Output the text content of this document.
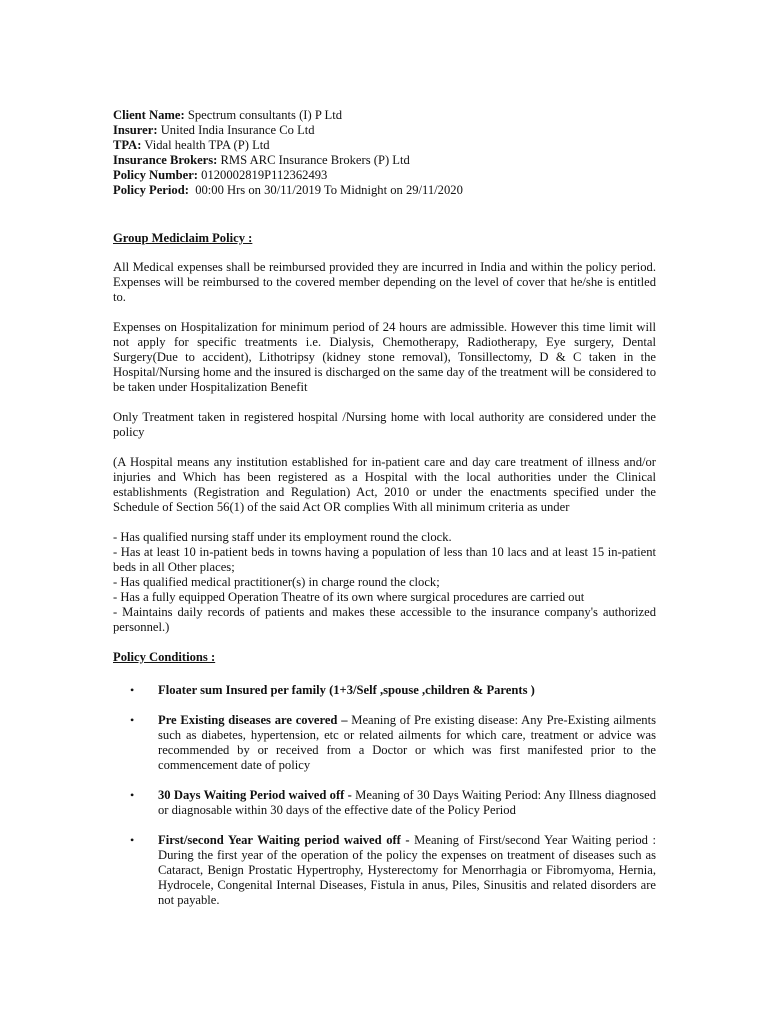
Client Name: Spectrum consultants (I) P Ltd
Insurer: United India Insurance Co Ltd
TPA: Vidal health TPA (P) Ltd
Insurance Brokers: RMS ARC Insurance Brokers (P) Ltd
Policy Number: 0120002819P112362493
Policy Period: 00:00 Hrs on 30/11/2019 To Midnight on 29/11/2020
Group Mediclaim Policy :

All Medical expenses shall be reimbursed provided they are incurred in India and within the policy period. Expenses will be reimbursed to the covered member depending on the level of cover that he/she is entitled to.

Expenses on Hospitalization for minimum period of 24 hours are admissible. However this time limit will not apply for specific treatments i.e. Dialysis, Chemotherapy, Radiotherapy, Eye surgery, Dental Surgery(Due to accident), Lithotripsy (kidney stone removal), Tonsillectomy, D & C taken in the Hospital/Nursing home and the insured is discharged on the same day of the treatment will be considered to be taken under Hospitalization Benefit

Only Treatment taken in registered hospital /Nursing home with local authority are considered under the policy

(A Hospital means any institution established for in-patient care and day care treatment of illness and/or injuries and Which has been registered as a Hospital with the local authorities under the Clinical establishments (Registration and Regulation) Act, 2010 or under the enactments specified under the Schedule of Section 56(1) of the said Act OR complies With all minimum criteria as under

- Has qualified nursing staff under its employment round the clock.
- Has at least 10 in-patient beds in towns having a population of less than 10 lacs and at least 15 in-patient beds in all Other places;
- Has qualified medical practitioner(s) in charge round the clock;
- Has a fully equipped Operation Theatre of its own where surgical procedures are carried out
- Maintains daily records of patients and makes these accessible to the insurance company's authorized personnel.)
Policy Conditions :
• Floater sum Insured per family (1+3/Self ,spouse ,children & Parents )
• Pre Existing diseases are covered – Meaning of Pre existing disease: Any Pre-Existing ailments such as diabetes, hypertension, etc or related ailments for which care, treatment or advice was recommended by or received from a Doctor or which was first manifested prior to the commencement date of policy
• 30 Days Waiting Period waived off - Meaning of 30 Days Waiting Period: Any Illness diagnosed or diagnosable within 30 days of the effective date of the Policy Period
• First/second Year Waiting period waived off - Meaning of First/second Year Waiting period : During the first year of the operation of the policy the expenses on treatment of diseases such as Cataract, Benign Prostatic Hypertrophy, Hysterectomy for Menorrhagia or Fibromyoma, Hernia, Hydrocele, Congenital Internal Diseases, Fistula in anus, Piles, Sinusitis and related disorders are not payable.
